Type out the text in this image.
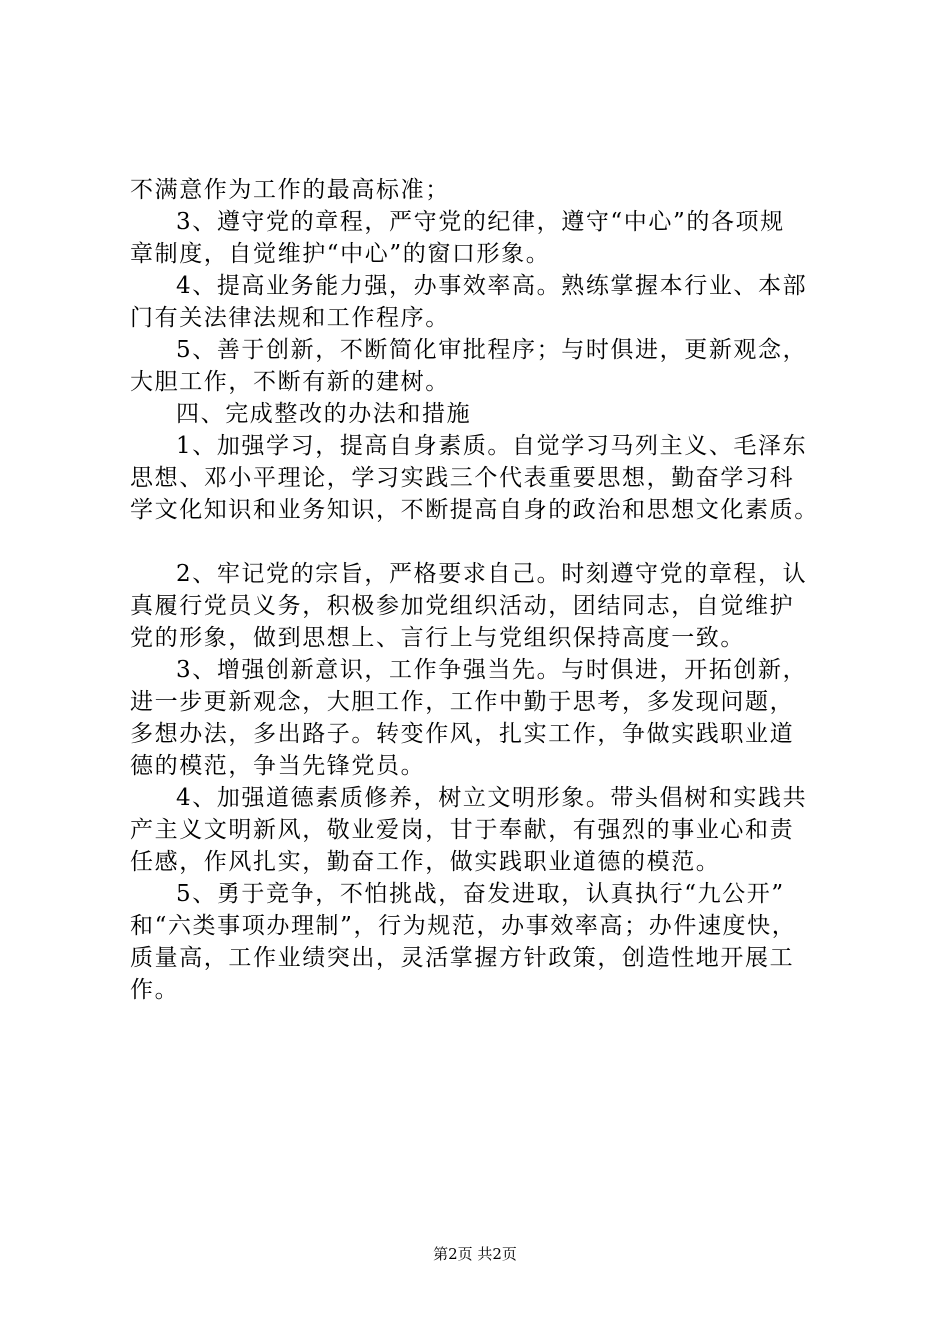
不满意作为工作的最高标准；
3、遵守党的章程，严守党的纪律，遵守“中心”的各项规
章制度，自觉维护“中心”的窗口形象。
4、提高业务能力强，办事效率高。熟练掌握本行业、本部
门有关法律法规和工作程序。
5、善于创新，不断简化审批程序；与时俱进，更新观念，
大胆工作，不断有新的建树。
四、完成整改的办法和措施
1、加强学习，提高自身素质。自觉学习马列主义、毛泽东
思想、邓小平理论，学习实践三个代表重要思想，勤奋学习科
学文化知识和业务知识，不断提高自身的政治和思想文化素质。
2、牢记党的宗旨，严格要求自己。时刻遵守党的章程，认
真履行党员义务，积极参加党组织活动，团结同志，自觉维护
党的形象，做到思想上、言行上与党组织保持高度一致。
3、增强创新意识，工作争强当先。与时俱进，开拓创新，
进一步更新观念，大胆工作，工作中勤于思考，多发现问题，
多想办法，多出路子。转变作风，扎实工作，争做实践职业道
德的模范，争当先锋党员。
4、加强道德素质修养，树立文明形象。带头倡树和实践共
产主义文明新风，敬业爱岗，甘于奉献，有强烈的事业心和责
任感，作风扎实，勤奋工作，做实践职业道德的模范。
5、勇于竞争，不怕挑战，奋发进取，认真执行“九公开”
和“六类事项办理制”，行为规范，办事效率高；办件速度快，
质量高，工作业绩突出，灵活掌握方针政策，创造性地开展工
作。
第2页 共2页
